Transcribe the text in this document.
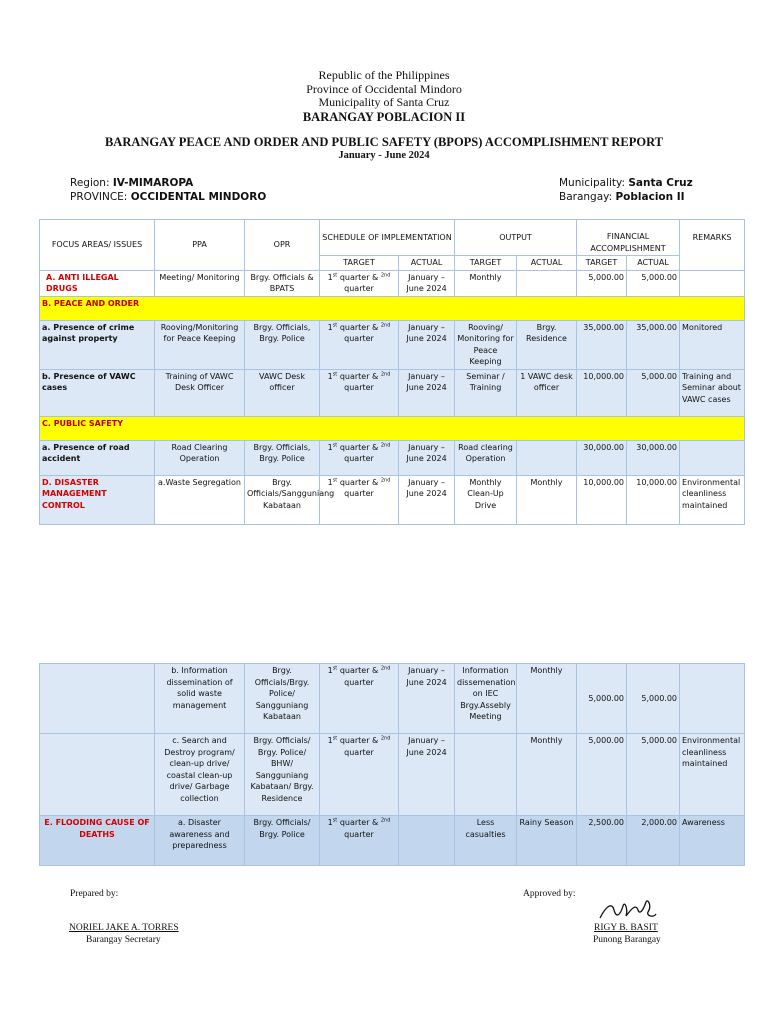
Republic of the Philippines
Province of Occidental Mindoro
Municipality of Santa Cruz
BARANGAY POBLACION II
BARANGAY PEACE AND ORDER AND PUBLIC SAFETY (BPOPS) ACCOMPLISHMENT REPORT
January - June 2024
Region: IV-MIMAROPA
PROVINCE: OCCIDENTAL MINDORO
Municipality: Santa Cruz
Barangay: Poblacion II
FOCUS AREAS/ ISSUES	PPA	OPR	SCHEDULE OF IMPLEMENTATION		OUTPUT		FINANCIAL ACCOMPLISHMENT		REMARKS
			TARGET	ACTUAL	TARGET	ACTUAL	TARGET	ACTUAL	
A. ANTI ILLEGAL DRUGS	Meeting/ Monitoring	Brgy. Officials & BPATS	1st quarter & $^{2nd}$ quarter	January – June 2024	Monthly		5,000.00	5,000.00	
B. PEACE AND ORDER									
a. Presence of crime against property	Rooving/Monitoring for Peace Keeping	Brgy. Officials, Brgy. Police	1st quarter & $^{2nd}$ quarter	January – June 2024	Rooving/ Monitoring for Peace Keeping	Brgy. Residence	35,000.00	35,000.00	Monitored
b. Presence of VAWC cases	Training of VAWC Desk Officer	VAWC Desk officer	1st quarter & $^{2nd}$ quarter	January – June 2024	Seminar / Training	1 VAWC desk officer	10,000.00	5,000.00	Training and Seminar about VAWC cases
C. PUBLIC SAFETY									
a. Presence of road accident	Road Clearing Operation	Brgy. Officials, Brgy. Police	1st quarter & $^{2nd}$ quarter	January – June 2024	Road clearing Operation		30,000.00	30,000.00	
D. DISASTER MANAGEMENT CONTROL	a.Waste Segregation	Brgy. Officials/Sangguniang Kabataan	1st quarter & $^{2nd}$ quarter	January – June 2024	Monthly Clean-Up Drive	Monthly	10,000.00	10,000.00	Environmental cleanliness maintained
	b. Information dissemination of solid waste management	Brgy. Officials/Brgy. Police/ Sangguniang Kabataan	1st quarter & $^{2nd}$ quarter	January – June 2024	Information dissemenation on IEC Brgy.Assebly Meeting	Monthly	5,000.00	5,000.00	
	c. Search and Destroy program/ clean-up drive/ coastal clean-up drive/ Garbage collection	Brgy. Officials/ Brgy. Police/ BHW/ Sangguniang Kabataan/ Brgy. Residence	1st quarter & $^{2nd}$ quarter	January – June 2024		Monthly	5,000.00	5,000.00	Environmental cleanliness maintained
E. FLOODING CAUSE OF DEATHS	a. Disaster awareness and preparedness	Brgy. Officials/ Brgy. Police	1st quarter & $^{2nd}$ quarter		Less casualties	Rainy Season	2,500.00	2,000.00	Awareness
Prepared by:
NORIEL JAKE A. TORRES
Barangay Secretary
Approved by:
RIGY B. BASIT
Punong Barangay
